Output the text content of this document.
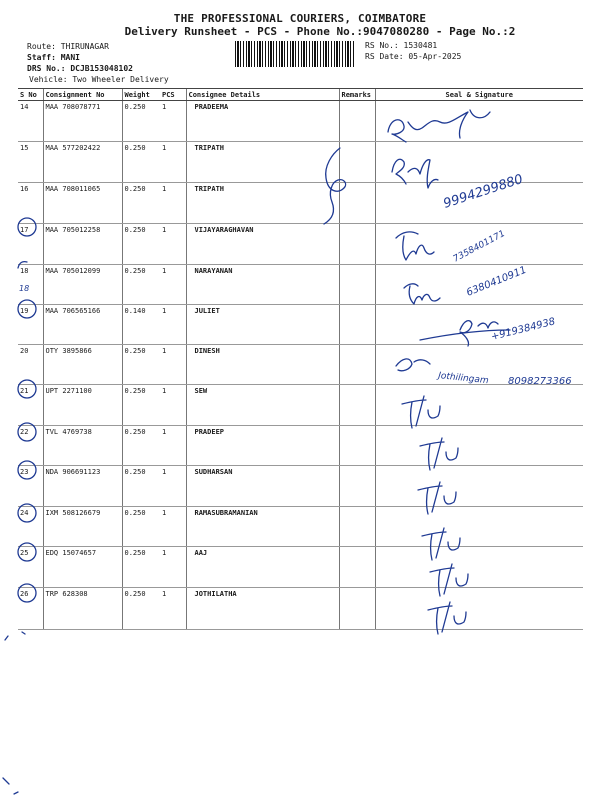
THE PROFESSIONAL COURIERS, COIMBATORE
Delivery Runsheet - PCS - Phone No.:9047080280 - Page No.:2
Route: THIRUNAGAR
Staff: MANI
DRS No.: DCJB153048102
Vehicle: Two Wheeler Delivery
RS No.: 1530481
RS Date: 05-Apr-2025
S No	Consignment No	Weight	PCS	Consignee Details	Remarks	Seal & Signature
14	MAA 708078771	0.250	1	PRADEEMA		
15	MAA 577202422	0.250	1	TRIPATH		
16	MAA 708011065	0.250	1	TRIPATH		
17	MAA 705012258	0.250	1	VIJAYARAGHAVAN		
18	MAA 705012099	0.250	1	NARAYANAN		
19	MAA 706565166	0.140	1	JULIET		
20	OTY 3895866	0.250	1	DINESH		
21	UPT 2271100	0.250	1	SEW		
22	TVL 4769738	0.250	1	PRADEEP		
23	NDA 906691123	0.250	1	SUDHARSAN		
24	IXM 508126679	0.250	1	RAMASUBRAMANIAN		
25	EDQ 15074657	0.250	1	AAJ		
26	TRP 628308	0.250	1	JOTHILATHA		
9994299880
7358401171
6380410911
+919384938
Jothilingam 8098273366
18
